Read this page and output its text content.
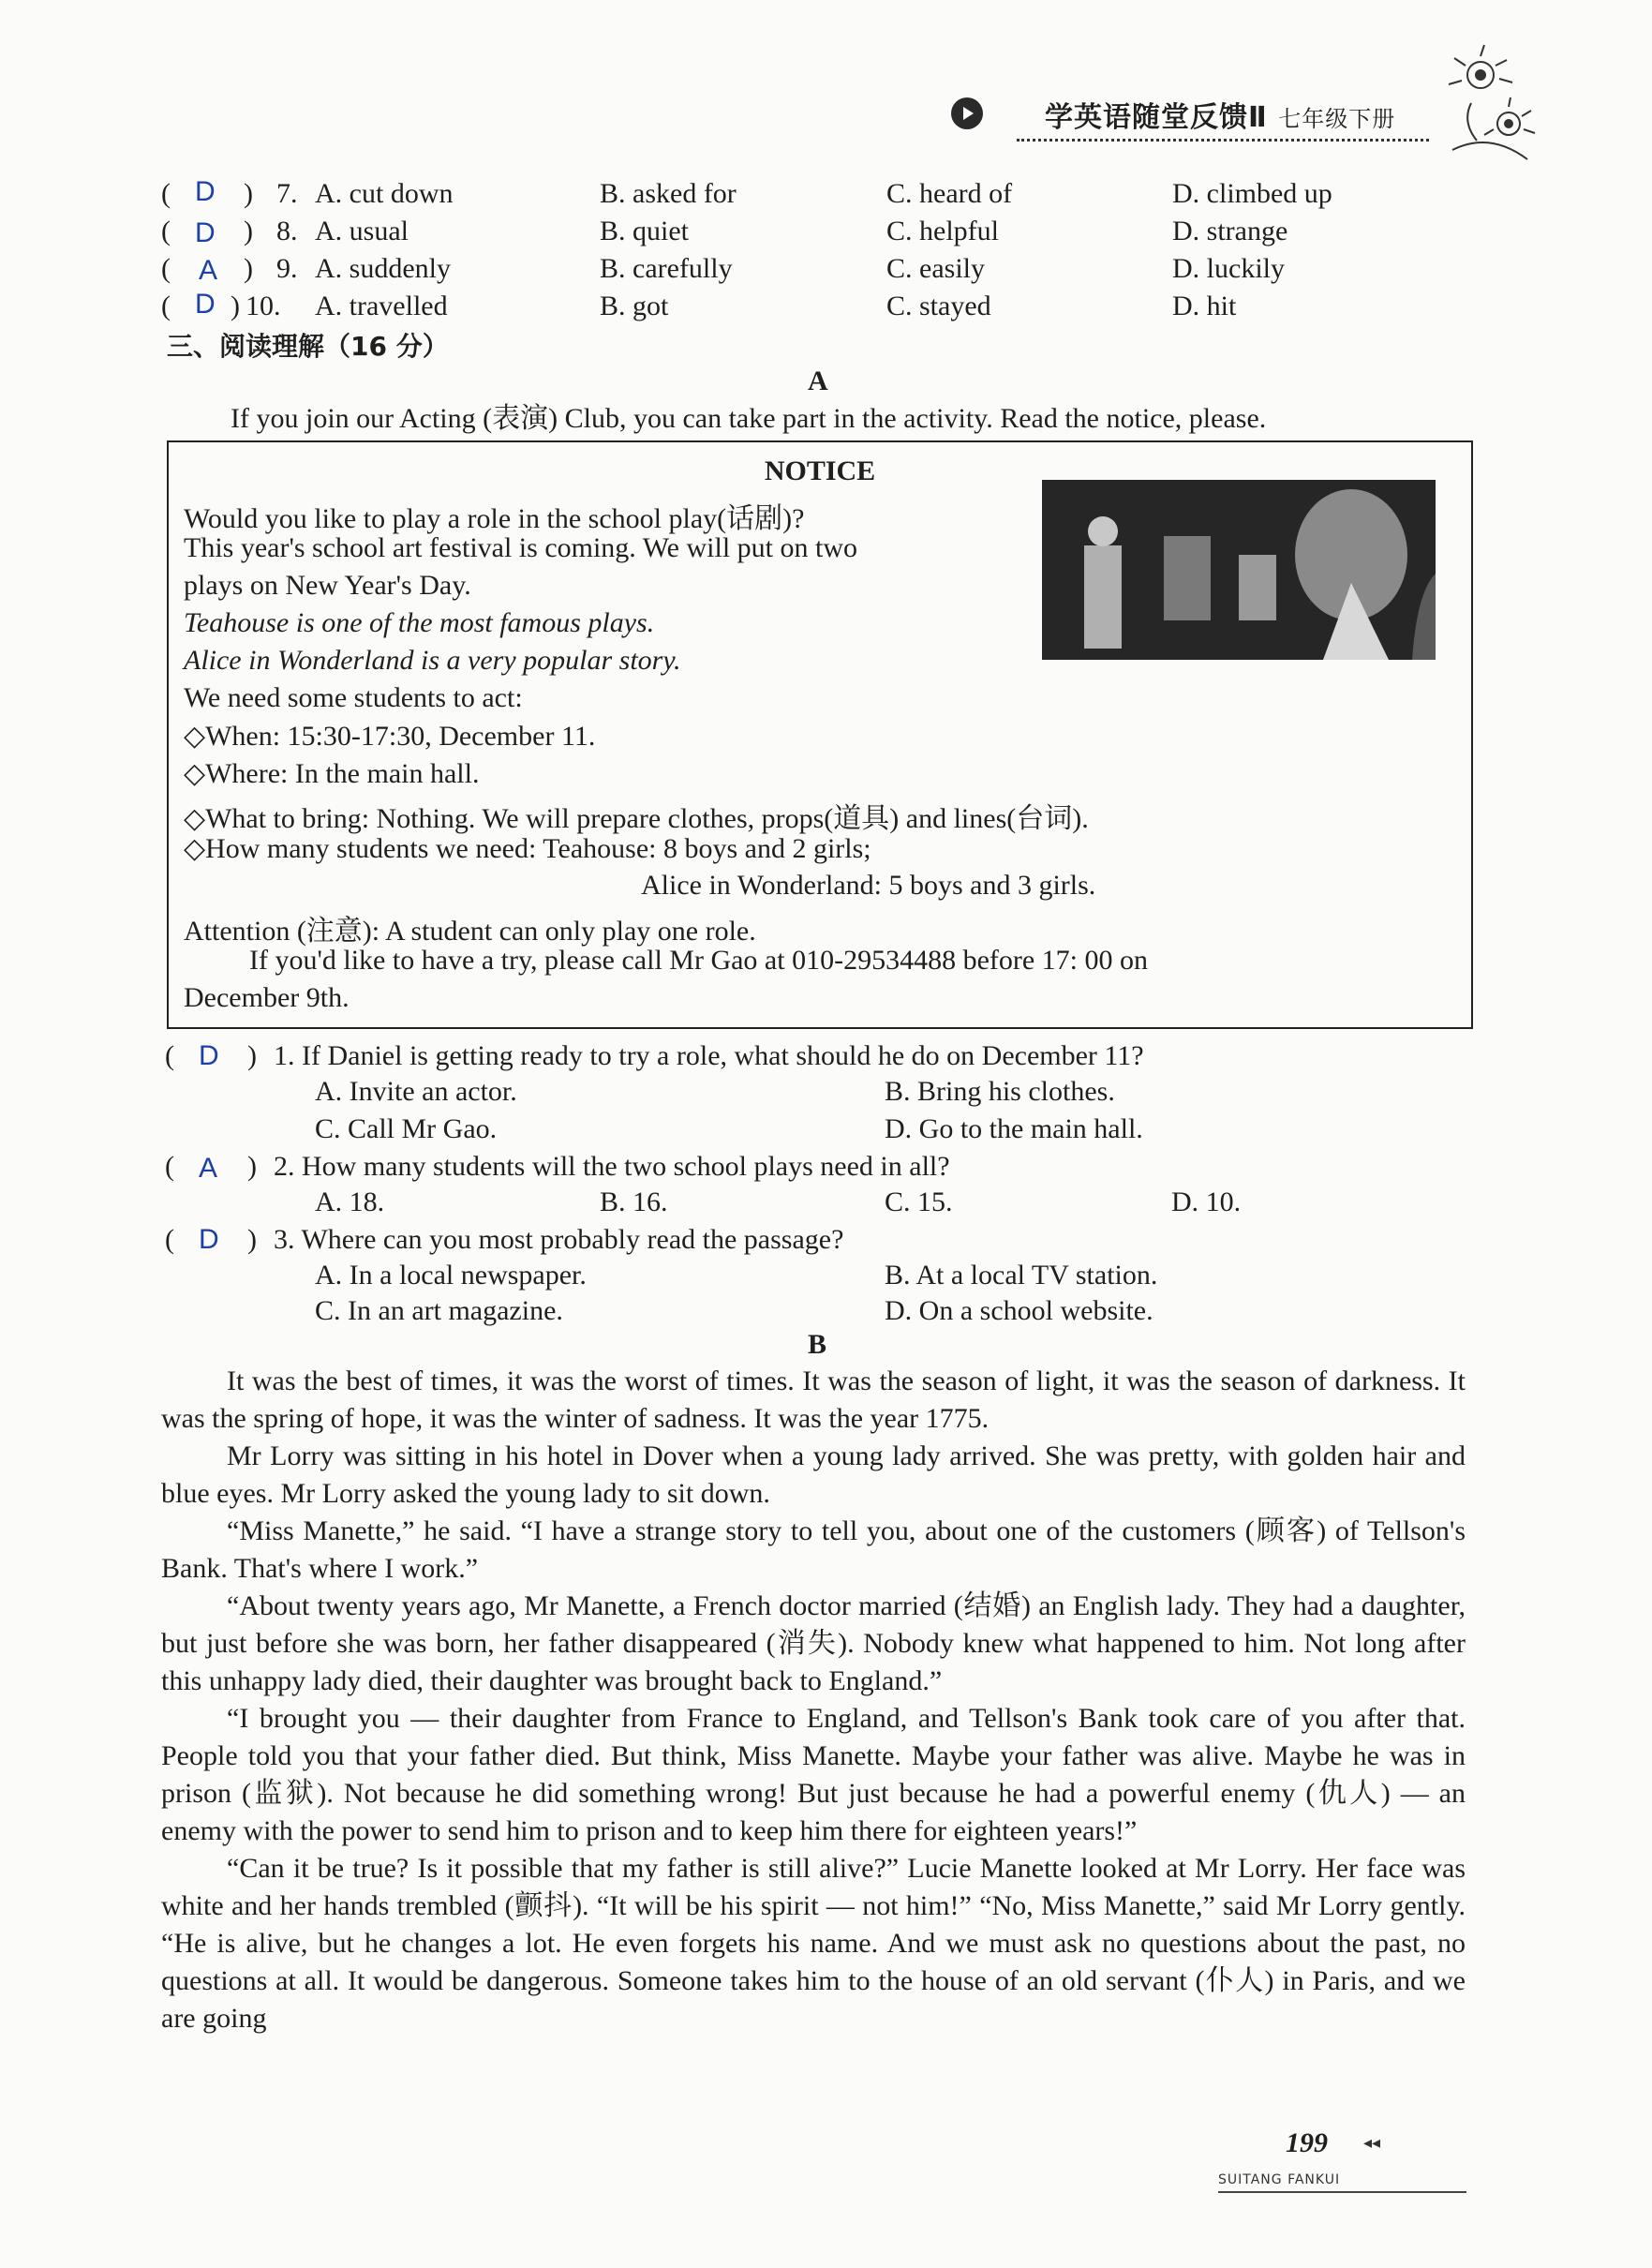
学英语随堂反馈Ⅱ 七年级下册
( D ) 7. A. cut down	B. asked for	C. heard of	D. climbed up
( D ) 8. A. usual	B. quiet	C. helpful	D. strange
( A ) 9. A. suddenly	B. carefully	C. easily	D. luckily
( D ) 10. A. travelled	B. got	C. stayed	D. hit
三、阅读理解（16 分）
A
If you join our Acting (表演) Club, you can take part in the activity. Read the notice, please.
NOTICE
Would you like to play a role in the school play(话剧)?
This year's school art festival is coming. We will put on two
plays on New Year's Day.
Teahouse is one of the most famous plays.
Alice in Wonderland is a very popular story.
We need some students to act:
◇When: 15:30-17:30, December 11.
◇Where: In the main hall.
◇What to bring: Nothing. We will prepare clothes, props(道具) and lines(台词).
◇How many students we need: Teahouse: 8 boys and 2 girls;
Alice in Wonderland: 5 boys and 3 girls.
Attention (注意): A student can only play one role.
If you'd like to have a try, please call Mr Gao at 010-29534488 before 17: 00 on
December 9th.
( D ) 1. If Daniel is getting ready to try a role, what should he do on December 11?
A. Invite an actor.	B. Bring his clothes.
C. Call Mr Gao.	D. Go to the main hall.
( A ) 2. How many students will the two school plays need in all?
A. 18.	B. 16.	C. 15.	D. 10.
( D ) 3. Where can you most probably read the passage?
A. In a local newspaper.	B. At a local TV station.
C. In an art magazine.	D. On a school website.
B

It was the best of times, it was the worst of times. It was the season of light, it was the season of darkness. It was the spring of hope, it was the winter of sadness. It was the year 1775.

Mr Lorry was sitting in his hotel in Dover when a young lady arrived. She was pretty, with golden hair and blue eyes. Mr Lorry asked the young lady to sit down.

“Miss Manette,” he said. “I have a strange story to tell you, about one of the customers (顾客) of Tellson's Bank. That's where I work.”

“About twenty years ago, Mr Manette, a French doctor married (结婚) an English lady. They had a daughter, but just before she was born, her father disappeared (消失). Nobody knew what happened to him. Not long after this unhappy lady died, their daughter was brought back to England.”

“I brought you — their daughter from France to England, and Tellson's Bank took care of you after that. People told you that your father died. But think, Miss Manette. Maybe your father was alive. Maybe he was in prison (监狱). Not because he did something wrong! But just because he had a powerful enemy (仇人) — an enemy with the power to send him to prison and to keep him there for eighteen years!”

“Can it be true? Is it possible that my father is still alive?” Lucie Manette looked at Mr Lorry. Her face was white and her hands trembled (颤抖). “It will be his spirit — not him!” “No, Miss Manette,” said Mr Lorry gently. “He is alive, but he changes a lot. He even forgets his name. And we must ask no questions about the past, no questions at all. It would be dangerous. Someone takes him to the house of an old servant (仆人) in Paris, and we are going

199 ◂◂
SUITANG FANKUI
